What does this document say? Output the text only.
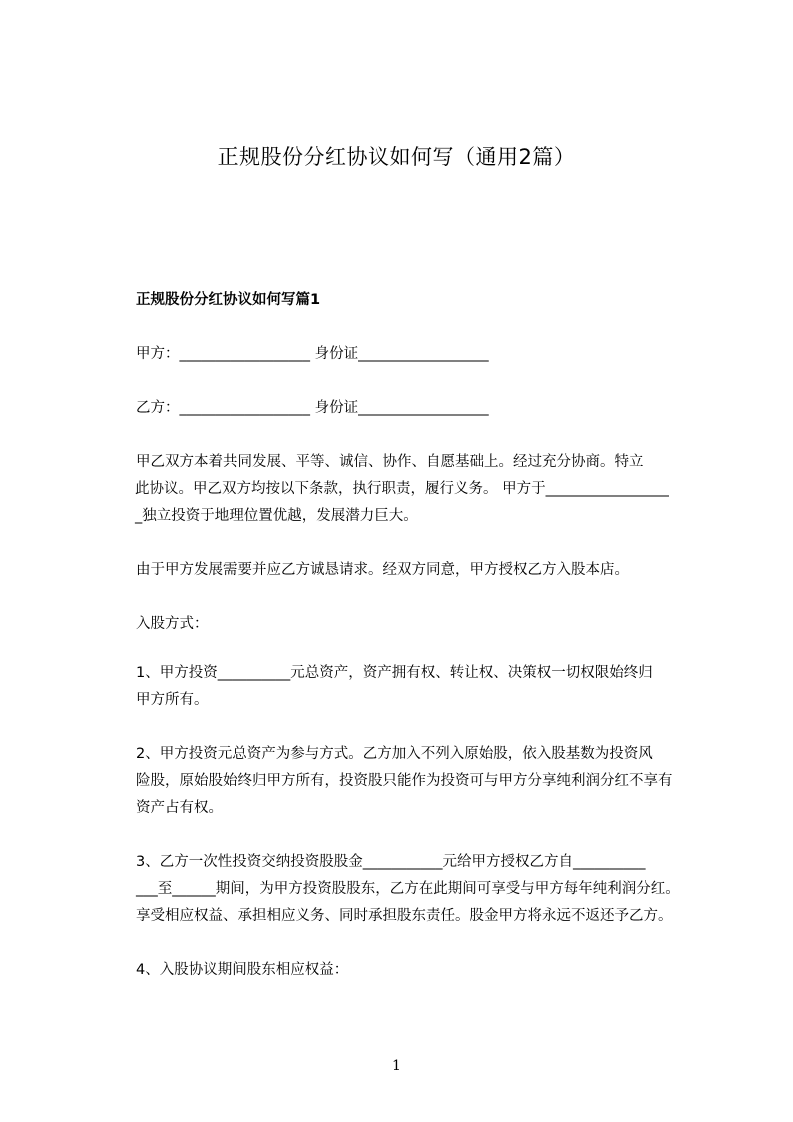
正规股份分红协议如何写（通用2篇）

正规股份分红协议如何写篇1

甲方：__________________ 身份证__________________

乙方：__________________ 身份证__________________

甲乙双方本着共同发展、平等、诚信、协作、自愿基础上。经过充分协商。特立

此协议。甲乙双方均按以下条款，执行职责，履行义务。 甲方于_________________

_独立投资于地理位置优越，发展潜力巨大。

由于甲方发展需要并应乙方诚恳请求。经双方同意，甲方授权乙方入股本店。

入股方式：

1、甲方投资__________元总资产，资产拥有权、转让权、决策权一切权限始终归

甲方所有。

2、甲方投资元总资产为参与方式。乙方加入不列入原始股，依入股基数为投资风

险股，原始股始终归甲方所有，投资股只能作为投资可与甲方分享纯利润分红不享有

资产占有权。

3、乙方一次性投资交纳投资股股金___________元给甲方授权乙方自__________

___至______期间，为甲方投资股股东，乙方在此期间可享受与甲方每年纯利润分红。

享受相应权益、承担相应义务、同时承担股东责任。股金甲方将永远不返还予乙方。

4、入股协议期间股东相应权益：

1
